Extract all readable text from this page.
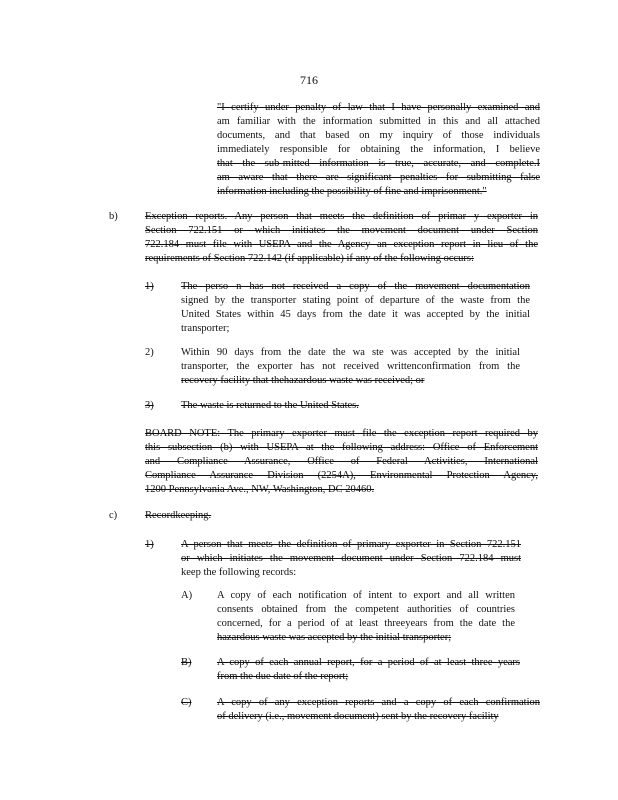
716
"I certify under penalty of law that I have personally examined and
am familiar with the information submitted in this and all attached
documents, and that based on my inquiry of those individuals
immediately responsible for obtaining the information, I believe
that the sub-mitted information is true, accurate, and complete.I
am aware that there are significant penalties for submitting false
information including the possibility of fine and imprisonment."
b)	Exception reports. Any person that meets the definition of primar y exporter in
Section 722.151 or which initiates the movement document under Section
722.184 must file with USEPA and the Agency an exception report in lieu of the
requirements of Section 722.142 (if applicable) if any of the following occurs:
1)	The perso n has not received a copy of the movement documentation
signed by the transporter stating point of departure of the waste from the
United States within 45 days from the date it was accepted by the initial
transporter;
2)	Within 90 days from the date the wa ste was accepted by the initial
transporter, the exporter has not received writtenconfirmation from the
recovery facility that thehazardous waste was received; or
3)	The waste is returned to the United States.
BOARD NOTE: The primary exporter must file the exception report required by
this subsection (b) with USEPA at the following address: Office of Enforcement
and Compliance Assurance, Office of Federal Activities, International
Compliance Assurance Division (2254A), Environmental Protection Agency,
1200 Pennsylvania Ave., NW, Washington, DC 20460.
c)	Recordkeeping.
1)	A person that meets the definition of primary exporter in Section 722.151
or which initiates the movement document under Section 722.184 must
keep the following records:
A) A copy of each notification of intent to export and all written
consents obtained from the competent authorities of countries
concerned, for a period of at least threeyears from the date the
hazardous waste was accepted by the initial transporter;
B) A copy of each annual report, for a period of at least three years
from the due date of the report;
C) A copy of any exception reports and a copy of each confirmation
of delivery (i.e., movement document) sent by the recovery facility
